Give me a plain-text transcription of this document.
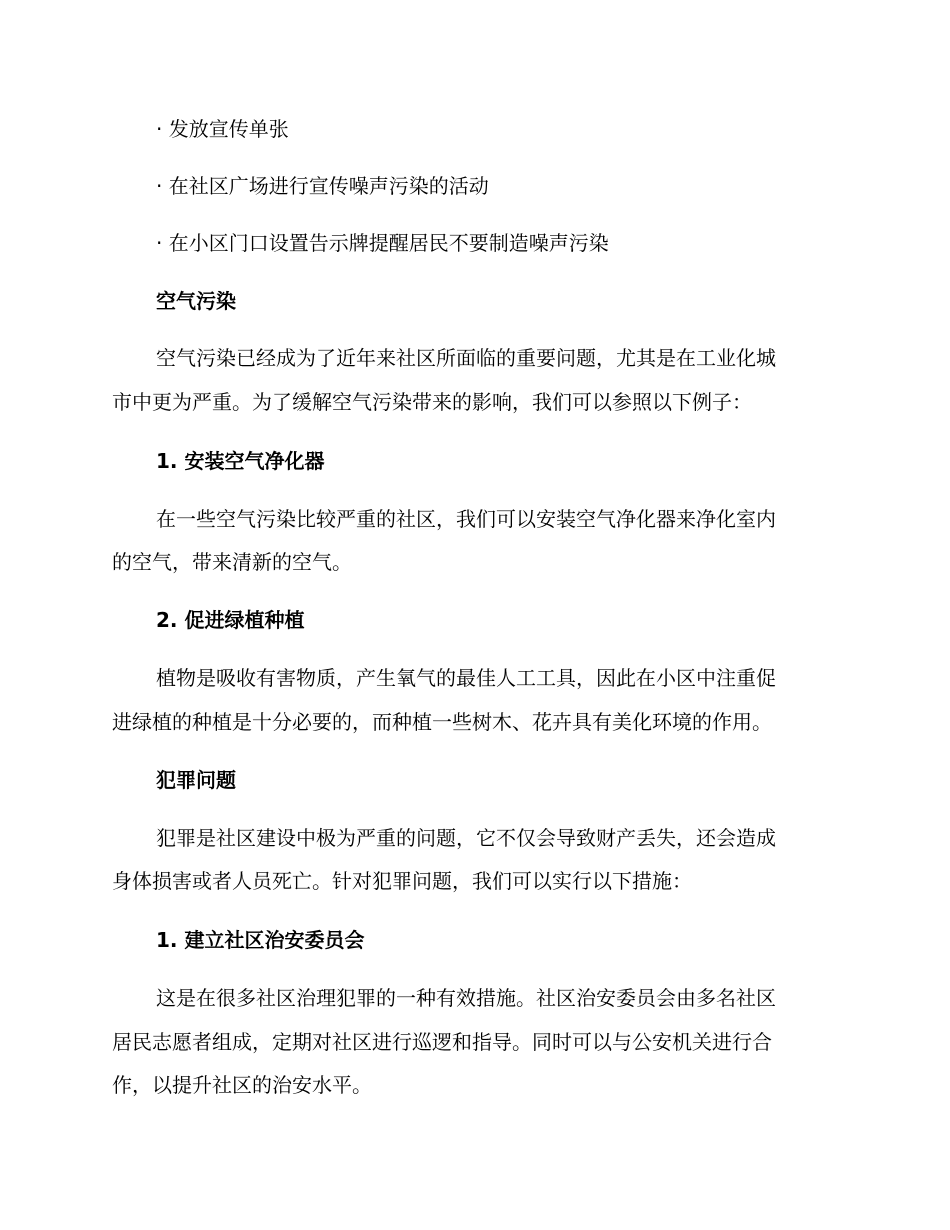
· 发放宣传单张
· 在社区广场进行宣传噪声污染的活动
· 在小区门口设置告示牌提醒居民不要制造噪声污染
空气污染
空气污染已经成为了近年来社区所面临的重要问题，尤其是在工业化城
市中更为严重。为了缓解空气污染带来的影响，我们可以参照以下例子：
1. 安装空气净化器
在一些空气污染比较严重的社区，我们可以安装空气净化器来净化室内
的空气，带来清新的空气。
2. 促进绿植种植
植物是吸收有害物质，产生氧气的最佳人工工具，因此在小区中注重促
进绿植的种植是十分必要的，而种植一些树木、花卉具有美化环境的作用。
犯罪问题
犯罪是社区建设中极为严重的问题，它不仅会导致财产丢失，还会造成
身体损害或者人员死亡。针对犯罪问题，我们可以实行以下措施：
1. 建立社区治安委员会
这是在很多社区治理犯罪的一种有效措施。社区治安委员会由多名社区
居民志愿者组成，定期对社区进行巡逻和指导。同时可以与公安机关进行合
作，以提升社区的治安水平。
